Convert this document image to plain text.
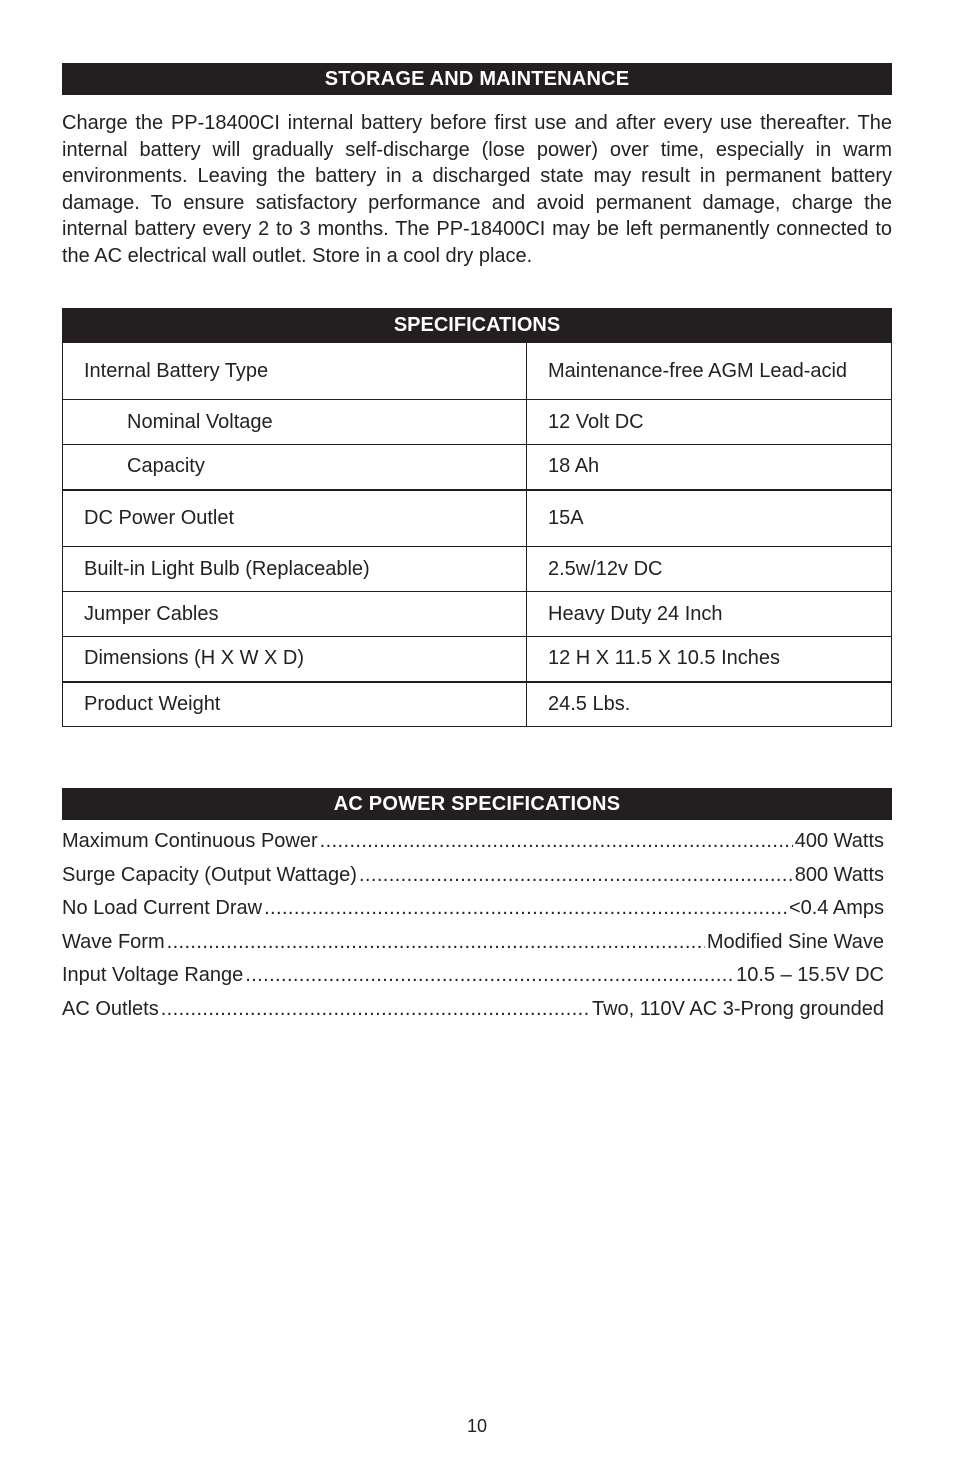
STORAGE AND MAINTENANCE

Charge the PP-18400CI internal battery before first use and after every use thereafter. The internal battery will gradually self-discharge (lose power) over time, especially in warm environments. Leaving the battery in a discharged state may result in permanent battery damage. To ensure satisfactory performance and avoid permanent damage, charge the internal battery every 2 to 3 months. The PP-18400CI may be left permanently connected to the AC electrical wall outlet. Store in a cool dry place.

SPECIFICATIONS	
Internal Battery Type	Maintenance-free AGM Lead-acid
Nominal Voltage	12 Volt DC
Capacity	18 Ah
DC Power Outlet	15A
Built-in Light Bulb (Replaceable)	2.5w/12v DC
Jumper Cables	Heavy Duty 24 Inch
Dimensions (H X W X D)	12 H X 11.5 X 10.5 Inches
Product Weight	24.5 Lbs.
AC POWER SPECIFICATIONS
Maximum Continuous Power .....	400 Watts
Surge Capacity (Output Wattage) .....	800 Watts
No Load Current Draw .....	<0.4 Amps
Wave Form .....	Modified Sine Wave
Input Voltage Range .....	10.5 – 15.5V DC
AC Outlets .....	Two, 110V AC 3-Prong grounded
10
